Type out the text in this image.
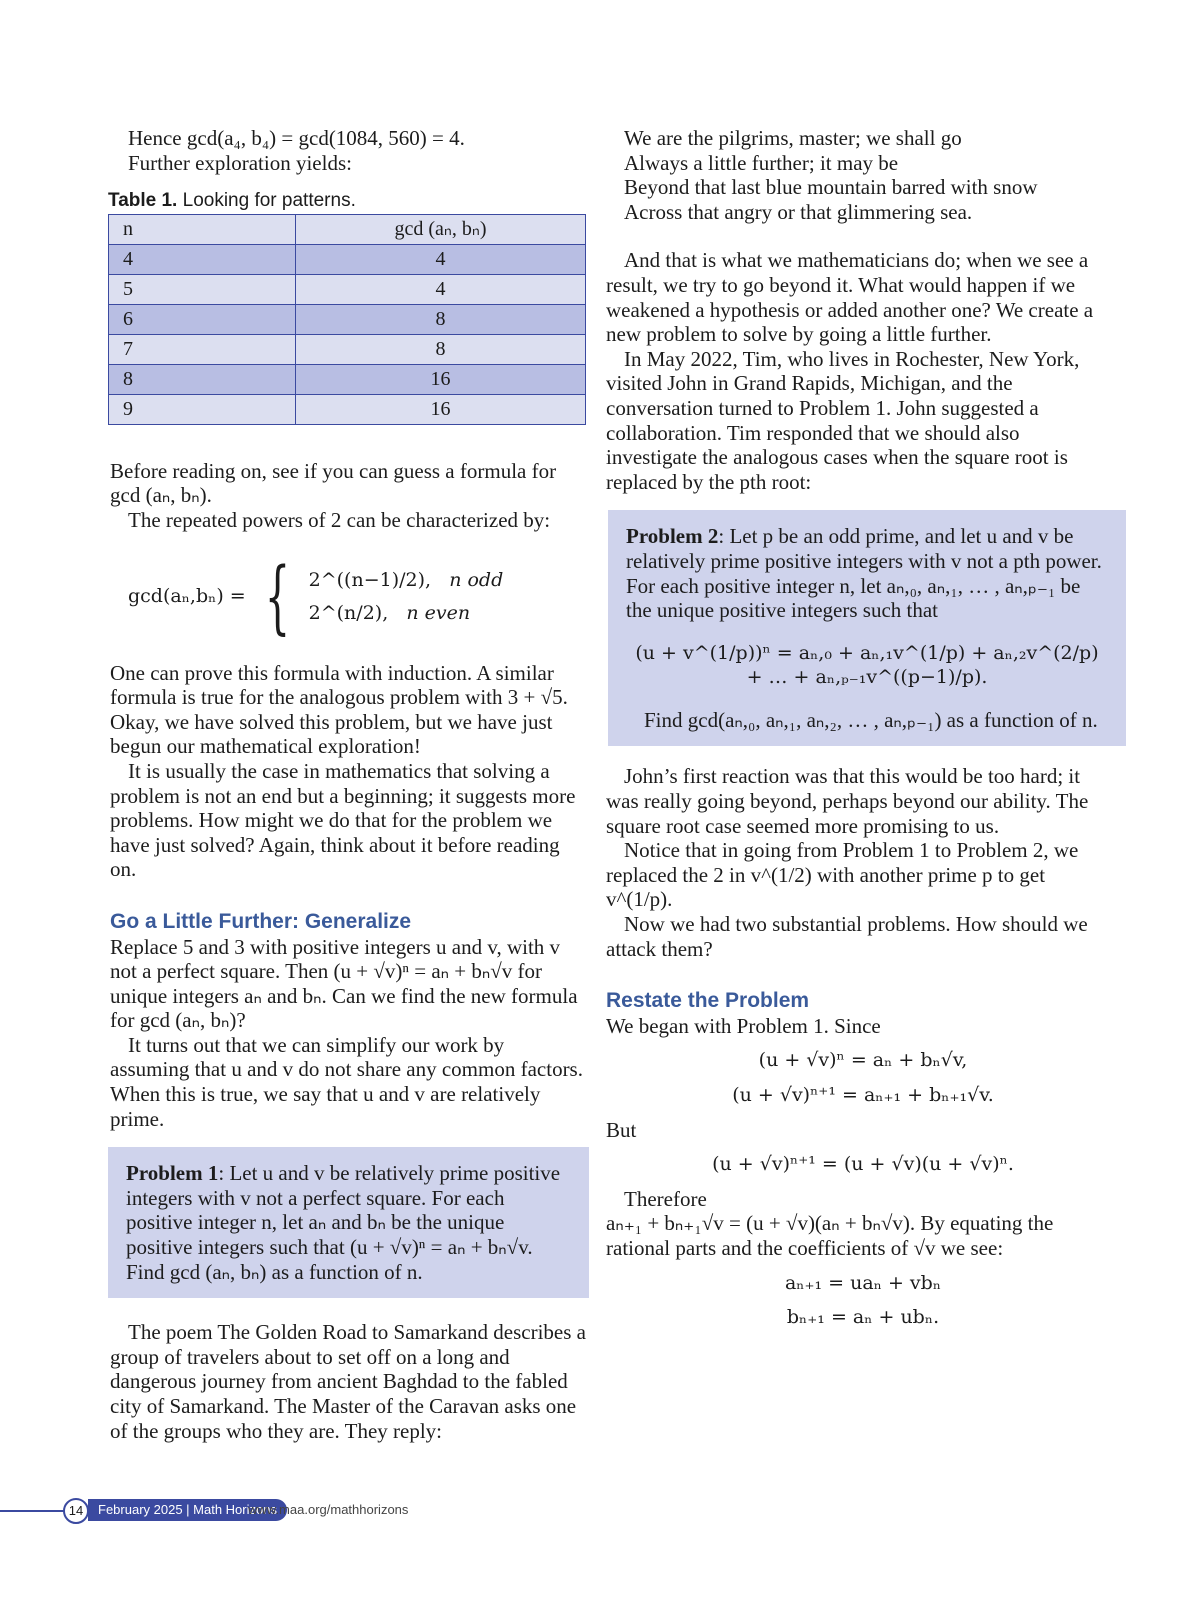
Hence gcd(a₄, b₄) = gcd(1084, 560) = 4.

Further exploration yields:

Table 1. Looking for patterns.
n	gcd (aₙ, bₙ)
4	4
5	4
6	8
7	8
8	16
9	16

Before reading on, see if you can guess a formula for gcd (aₙ, bₙ).

The repeated powers of 2 can be characterized by:

gcd(aₙ,bₙ) = { 2^((n−1)/2), n odd
2^(n/2), n even

One can prove this formula with induction. A similar formula is true for the analogous problem with 3 + √5. Okay, we have solved this problem, but we have just begun our mathematical exploration!

It is usually the case in mathematics that solving a problem is not an end but a beginning; it suggests more problems. How might we do that for the problem we have just solved? Again, think about it before reading on.

Go a Little Further: Generalize

Replace 5 and 3 with positive integers u and v, with v not a perfect square. Then (u + √v)ⁿ = aₙ + bₙ√v for unique integers aₙ and bₙ. Can we find the new formula for gcd (aₙ, bₙ)?

It turns out that we can simplify our work by assuming that u and v do not share any common factors. When this is true, we say that u and v are relatively prime.

Problem 1: Let u and v be relatively prime positive integers with v not a perfect square. For each positive integer n, let aₙ and bₙ be the unique positive integers such that (u + √v)ⁿ = aₙ + bₙ√v. Find gcd (aₙ, bₙ) as a function of n.

The poem The Golden Road to Samarkand describes a group of travelers about to set off on a long and dangerous journey from ancient Baghdad to the fabled city of Samarkand. The Master of the Caravan asks one of the groups who they are. They reply:

We are the pilgrims, master; we shall go

Always a little further; it may be

Beyond that last blue mountain barred with snow

Across that angry or that glimmering sea.

And that is what we mathematicians do; when we see a result, we try to go beyond it. What would happen if we weakened a hypothesis or added another one? We create a new problem to solve by going a little further.

In May 2022, Tim, who lives in Rochester, New York, visited John in Grand Rapids, Michigan, and the conversation turned to Problem 1. John suggested a collaboration. Tim responded that we should also investigate the analogous cases when the square root is replaced by the pth root:

Problem 2: Let p be an odd prime, and let u and v be relatively prime positive integers with v not a pth power. For each positive integer n, let aₙ,₀, aₙ,₁, … , aₙ,ₚ₋₁ be the unique positive integers such that

(u + v^(1/p))ⁿ = aₙ,₀ + aₙ,₁v^(1/p) + aₙ,₂v^(2/p) + … + aₙ,ₚ₋₁v^((p−1)/p).

Find gcd(aₙ,₀, aₙ,₁, aₙ,₂, … , aₙ,ₚ₋₁) as a function of n.

John’s first reaction was that this would be too hard; it was really going beyond, perhaps beyond our ability. The square root case seemed more promising to us.

Notice that in going from Problem 1 to Problem 2, we replaced the 2 in v^(1/2) with another prime p to get v^(1/p).

Now we had two substantial problems. How should we attack them?

Restate the Problem

We began with Problem 1. Since

(u + √v)ⁿ = aₙ + bₙ√v,
(u + √v)ⁿ⁺¹ = aₙ₊₁ + bₙ₊₁√v.

But

(u + √v)ⁿ⁺¹ = (u + √v)(u + √v)ⁿ.

Therefore

aₙ₊₁ + bₙ₊₁√v = (u + √v)(aₙ + bₙ√v). By equating the rational parts and the coefficients of √v we see:

aₙ₊₁ = uaₙ + vbₙ
bₙ₊₁ = aₙ + ubₙ.
14	February 2025 | Math Horizons
www.maa.org/mathhorizons
